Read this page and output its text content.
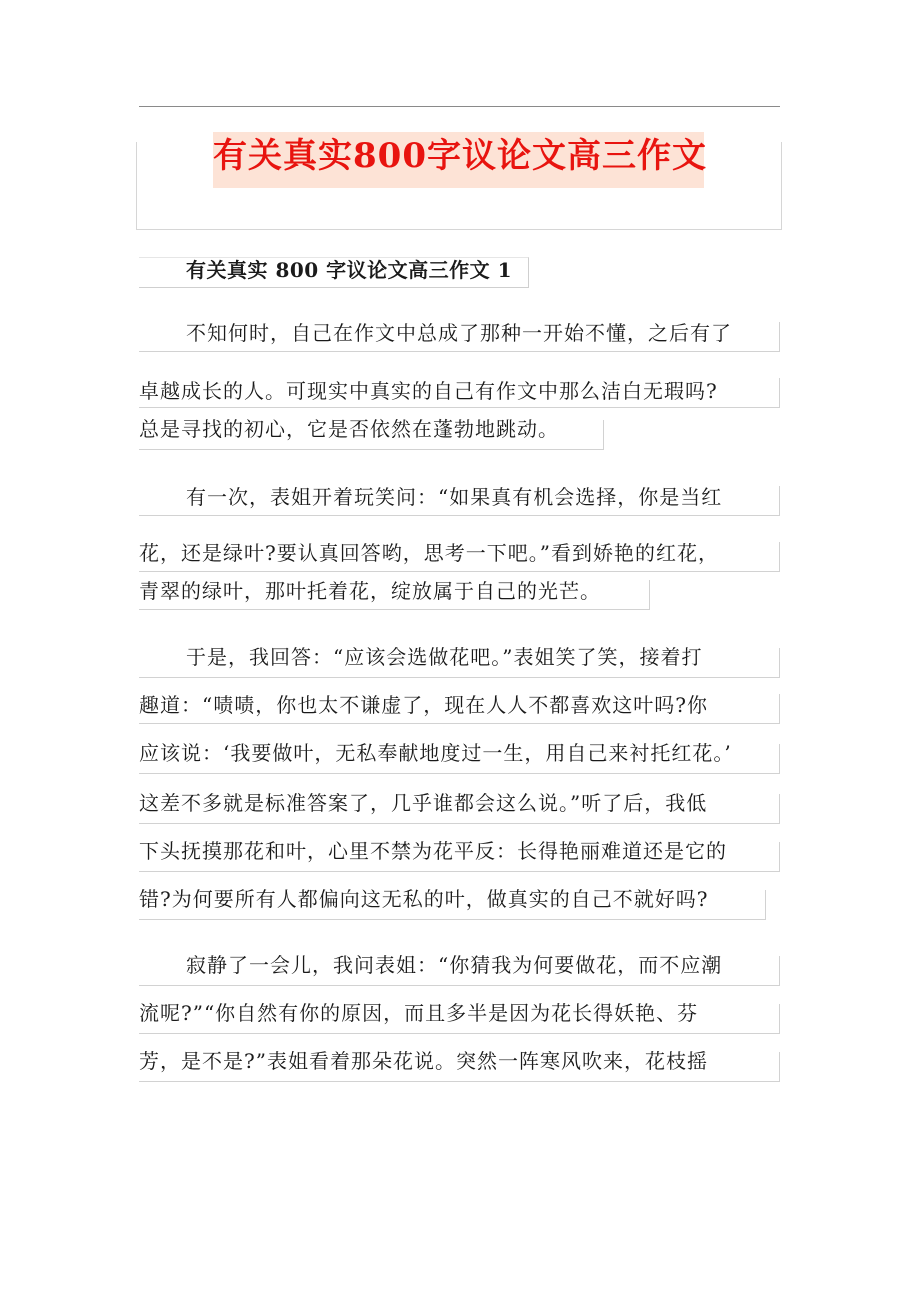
有关真实800字议论文高三作文
有关真实 800 字议论文高三作文 1
不知何时，自己在作文中总成了那种一开始不懂，之后有了
卓越成长的人。可现实中真实的自己有作文中那么洁白无瑕吗?
总是寻找的初心，它是否依然在蓬勃地跳动。
有一次，表姐开着玩笑问：“如果真有机会选择，你是当红
花，还是绿叶?要认真回答哟，思考一下吧。”看到娇艳的红花，
青翠的绿叶，那叶托着花，绽放属于自己的光芒。
于是，我回答：“应该会选做花吧。”表姐笑了笑，接着打
趣道：“啧啧，你也太不谦虚了，现在人人不都喜欢这叶吗?你
应该说：‘我要做叶，无私奉献地度过一生，用自己来衬托红花。’
这差不多就是标准答案了，几乎谁都会这么说。”听了后，我低
下头抚摸那花和叶，心里不禁为花平反：长得艳丽难道还是它的
错?为何要所有人都偏向这无私的叶，做真实的自己不就好吗?
寂静了一会儿，我问表姐：“你猜我为何要做花，而不应潮
流呢?”“你自然有你的原因，而且多半是因为花长得妖艳、芬
芳，是不是?”表姐看着那朵花说。突然一阵寒风吹来，花枝摇
